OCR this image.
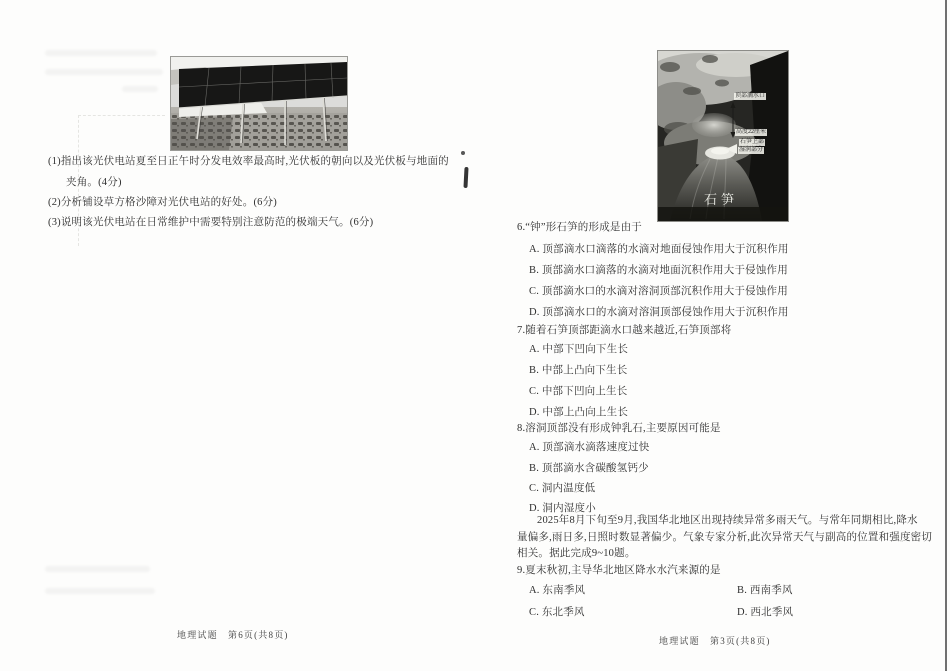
(1)指出该光伏电站夏至日正午时分发电效率最高时,光伏板的朝向以及光伏板与地面的
夹角。(4分)
(2)分析铺设草方格沙障对光伏电站的好处。(6分)
(3)说明该光伏电站在日常维护中需要特别注意防范的极端天气。(6分)
地理试题　第6页(共8页)
顶部滴水口
高度22厘米
石笋上部
湿润部分
石笋
6.“钟”形石笋的形成是由于
A. 顶部滴水口滴落的水滴对地面侵蚀作用大于沉积作用
B. 顶部滴水口滴落的水滴对地面沉积作用大于侵蚀作用
C. 顶部滴水口的水滴对溶洞顶部沉积作用大于侵蚀作用
D. 顶部滴水口的水滴对溶洞顶部侵蚀作用大于沉积作用
7.随着石笋顶部距滴水口越来越近,石笋顶部将
A. 中部下凹向下生长
B. 中部上凸向下生长
C. 中部下凹向上生长
D. 中部上凸向上生长
8.溶洞顶部没有形成钟乳石,主要原因可能是
A. 顶部滴水滴落速度过快
B. 顶部滴水含碳酸氢钙少
C. 洞内温度低
D. 洞内湿度小
2025年8月下旬至9月,我国华北地区出现持续异常多雨天气。与常年同期相比,降水
量偏多,雨日多,日照时数显著偏少。气象专家分析,此次异常天气与副高的位置和强度密切
相关。据此完成9~10题。
9.夏末秋初,主导华北地区降水水汽来源的是
A. 东南季风	B. 西南季风
C. 东北季风	D. 西北季风
地理试题　第3页(共8页)
